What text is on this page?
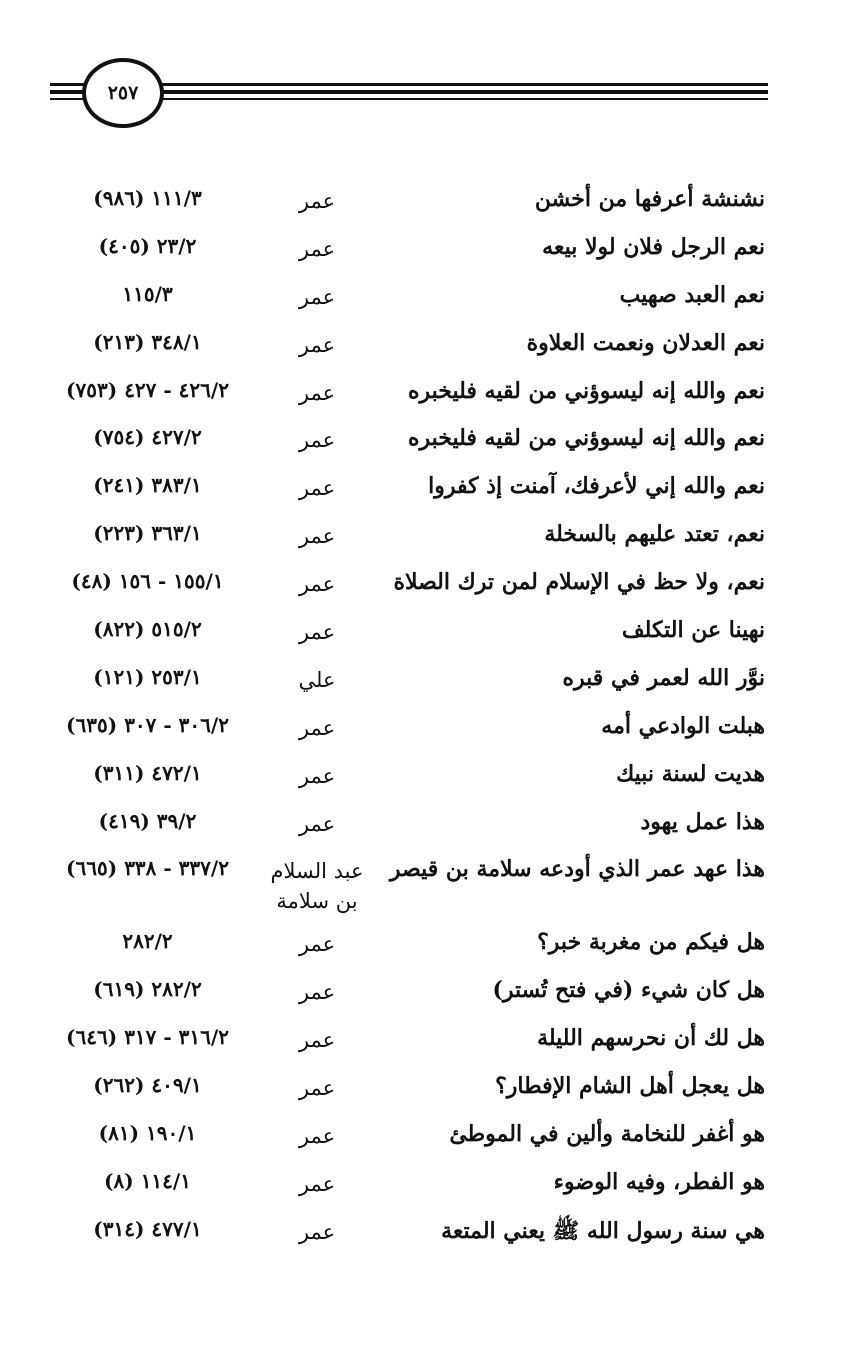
٢٥٧
نشنشة أعرفها من أخشن
عمر
١١١/٣ (٩٨٦)
نعم الرجل فلان لولا بيعه
عمر
٢٣/٢ (٤٠٥)
نعم العبد صهيب
عمر
١١٥/٣
نعم العدلان ونعمت العلاوة
عمر
٣٤٨/١ (٢١٣)
نعم والله إنه ليسوؤني من لقيه فليخبره
عمر
٤٢٦/٢ - ٤٢٧ (٧٥٣)
نعم والله إنه ليسوؤني من لقيه فليخبره
عمر
٤٢٧/٢ (٧٥٤)
نعم والله إني لأعرفك، آمنت إذ كفروا
عمر
٣٨٣/١ (٢٤١)
نعم، تعتد عليهم بالسخلة
عمر
٣٦٣/١ (٢٢٣)
نعم، ولا حظ في الإسلام لمن ترك الصلاة
عمر
١٥٥/١ - ١٥٦ (٤٨)
نهينا عن التكلف
عمر
٥١٥/٢ (٨٢٢)
نوَّر الله لعمر في قبره
علي
٢٥٣/١ (١٢١)
هبلت الوادعي أمه
عمر
٣٠٦/٢ - ٣٠٧ (٦٣٥)
هديت لسنة نبيك
عمر
٤٧٢/١ (٣١١)
هذا عمل يهود
عمر
٣٩/٢ (٤١٩)
هذا عهد عمر الذي أودعه سلامة بن قيصر
عبد السلام بن سلامة
٣٣٧/٢ - ٣٣٨ (٦٦٥)
هل فيكم من مغربة خبر؟
عمر
٢٨٢/٢
هل كان شيء (في فتح تُستر)
عمر
٢٨٢/٢ (٦١٩)
هل لك أن نحرسهم الليلة
عمر
٣١٦/٢ - ٣١٧ (٦٤٦)
هل يعجل أهل الشام الإفطار؟
عمر
٤٠٩/١ (٢٦٢)
هو أغفر للنخامة وألين في الموطئ
عمر
١٩٠/١ (٨١)
هو الفطر، وفيه الوضوء
عمر
١١٤/١ (٨)
هي سنة رسول الله ﷺ يعني المتعة
عمر
٤٧٧/١ (٣١٤)
